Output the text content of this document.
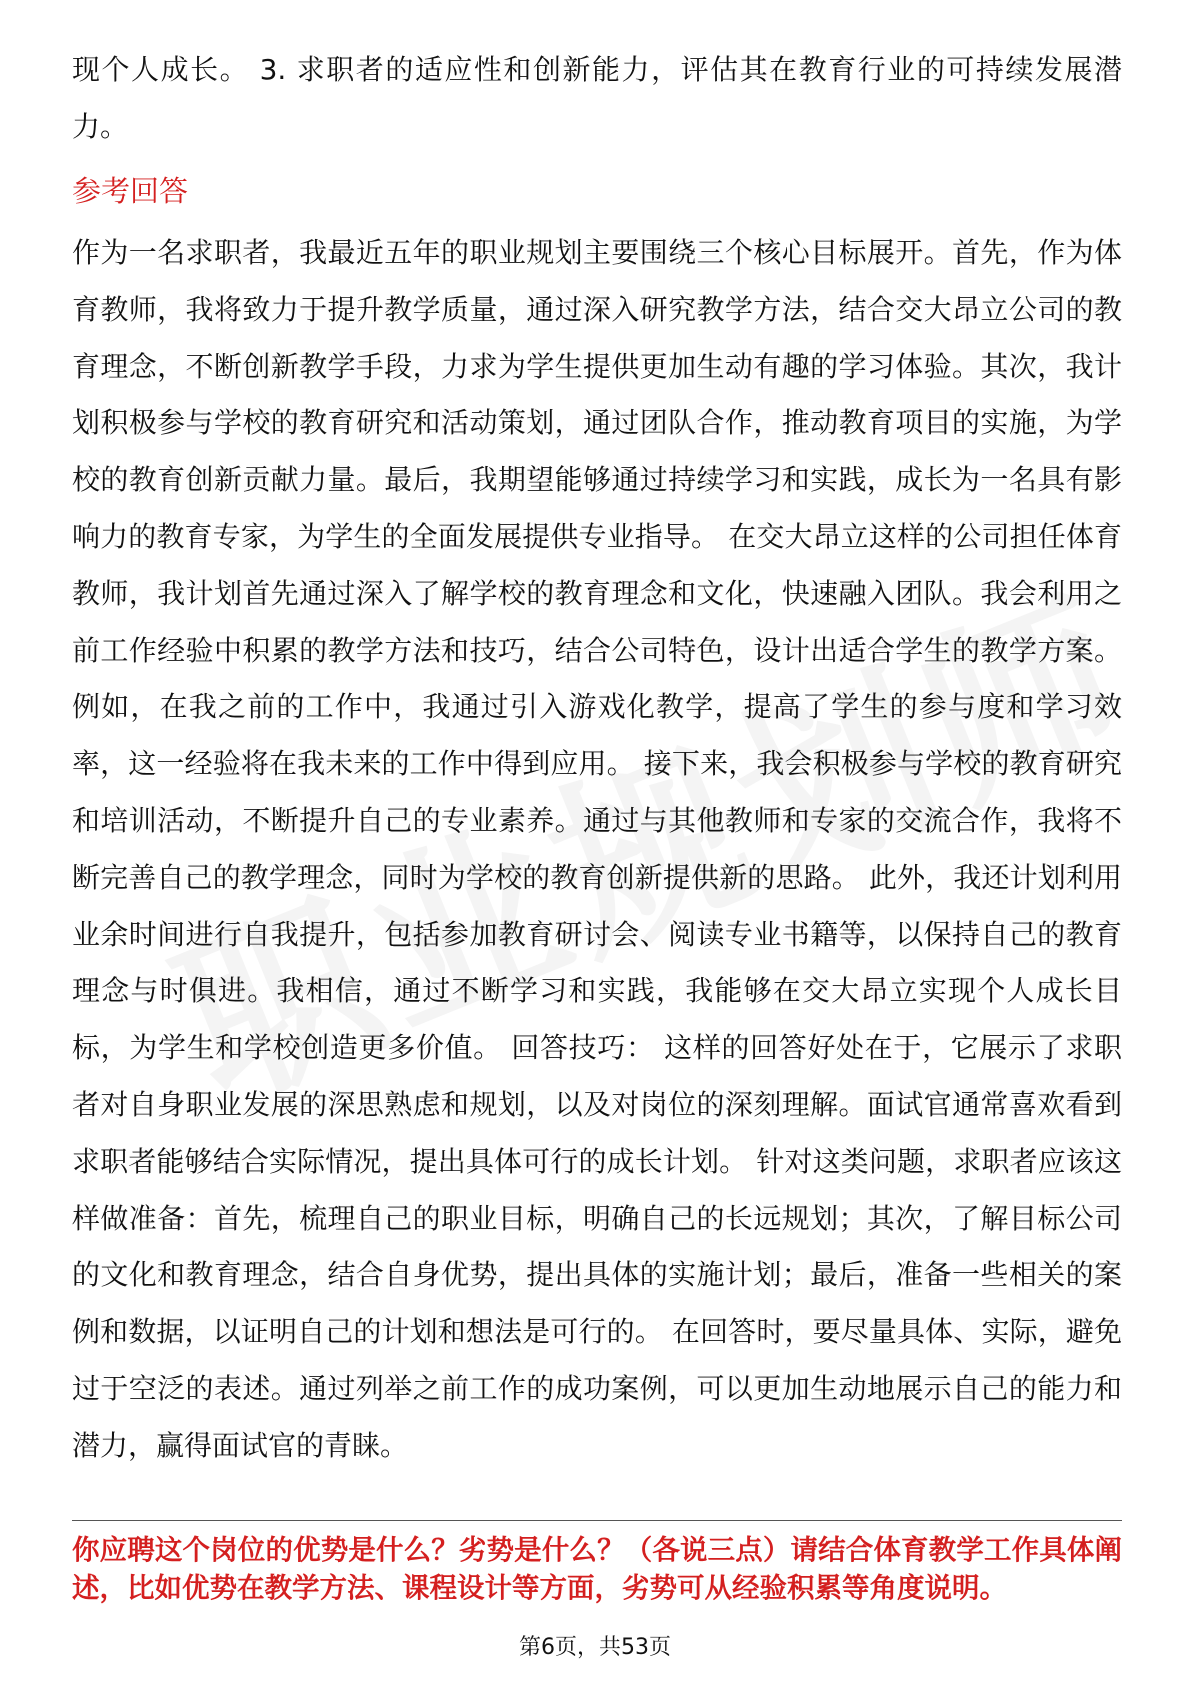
现个人成长。 3. 求职者的适应性和创新能力，评估其在教育行业的可持续发展潜力。

参考回答

作为一名求职者，我最近五年的职业规划主要围绕三个核心目标展开。首先，作为体育教师，我将致力于提升教学质量，通过深入研究教学方法，结合交大昂立公司的教育理念，不断创新教学手段，力求为学生提供更加生动有趣的学习体验。其次，我计划积极参与学校的教育研究和活动策划，通过团队合作，推动教育项目的实施，为学校的教育创新贡献力量。最后，我期望能够通过持续学习和实践，成长为一名具有影响力的教育专家，为学生的全面发展提供专业指导。 在交大昂立这样的公司担任体育教师，我计划首先通过深入了解学校的教育理念和文化，快速融入团队。我会利用之前工作经验中积累的教学方法和技巧，结合公司特色，设计出适合学生的教学方案。例如，在我之前的工作中，我通过引入游戏化教学，提高了学生的参与度和学习效率，这一经验将在我未来的工作中得到应用。 接下来，我会积极参与学校的教育研究和培训活动，不断提升自己的专业素养。通过与其他教师和专家的交流合作，我将不断完善自己的教学理念，同时为学校的教育创新提供新的思路。 此外，我还计划利用业余时间进行自我提升，包括参加教育研讨会、阅读专业书籍等，以保持自己的教育理念与时俱进。我相信，通过不断学习和实践，我能够在交大昂立实现个人成长目标，为学生和学校创造更多价值。 回答技巧： 这样的回答好处在于，它展示了求职者对自身职业发展的深思熟虑和规划，以及对岗位的深刻理解。面试官通常喜欢看到求职者能够结合实际情况，提出具体可行的成长计划。 针对这类问题，求职者应该这样做准备：首先，梳理自己的职业目标，明确自己的长远规划；其次，了解目标公司的文化和教育理念，结合自身优势，提出具体的实施计划；最后，准备一些相关的案例和数据，以证明自己的计划和想法是可行的。 在回答时，要尽量具体、实际，避免过于空泛的表述。通过列举之前工作的成功案例，可以更加生动地展示自己的能力和潜力，赢得面试官的青睐。

你应聘这个岗位的优势是什么？劣势是什么？（各说三点）请结合体育教学工作具体阐述，比如优势在教学方法、课程设计等方面，劣势可从经验积累等角度说明。

第6页，共53页
